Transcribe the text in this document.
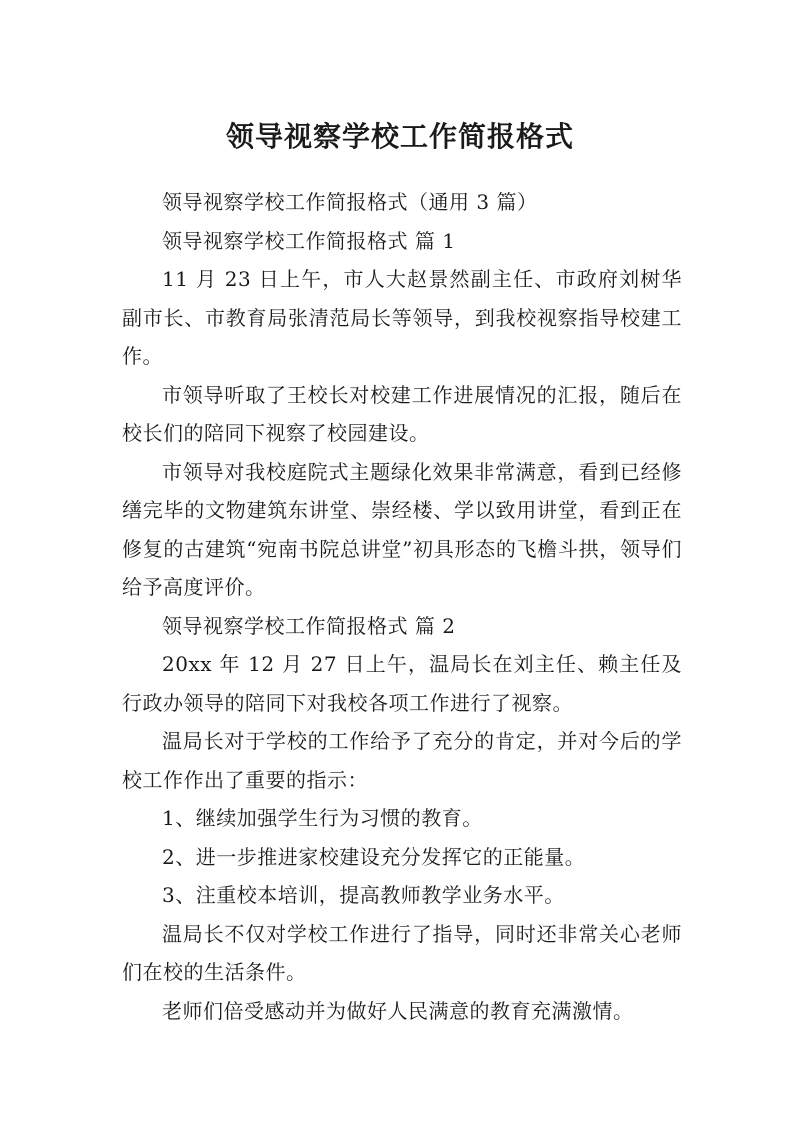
领导视察学校工作简报格式

领导视察学校工作简报格式（通用 3 篇）

领导视察学校工作简报格式 篇 1

11 月 23 日上午，市人大赵景然副主任、市政府刘树华副市长、市教育局张清范局长等领导，到我校视察指导校建工作。

市领导听取了王校长对校建工作进展情况的汇报，随后在校长们的陪同下视察了校园建设。

市领导对我校庭院式主题绿化效果非常满意，看到已经修缮完毕的文物建筑东讲堂、崇经楼、学以致用讲堂，看到正在修复的古建筑“宛南书院总讲堂”初具形态的飞檐斗拱，领导们给予高度评价。

领导视察学校工作简报格式 篇 2

20xx 年 12 月 27 日上午，温局长在刘主任、赖主任及行政办领导的陪同下对我校各项工作进行了视察。

温局长对于学校的工作给予了充分的肯定，并对今后的学校工作作出了重要的指示：

1、继续加强学生行为习惯的教育。

2、进一步推进家校建设充分发挥它的正能量。

3、注重校本培训，提高教师教学业务水平。

温局长不仅对学校工作进行了指导，同时还非常关心老师们在校的生活条件。

老师们倍受感动并为做好人民满意的教育充满激情。
